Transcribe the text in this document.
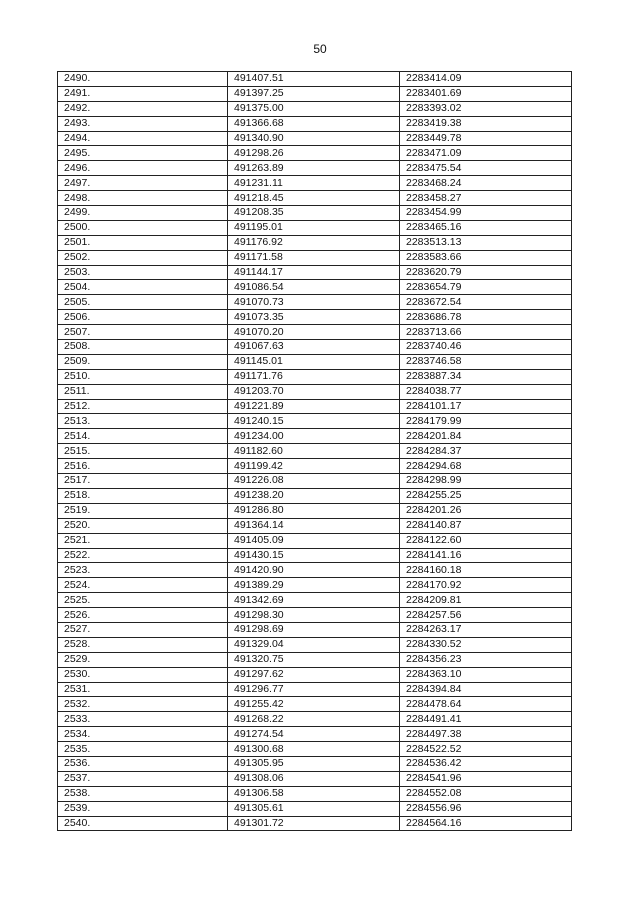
50
2490.	491407.51	2283414.09
2491.	491397.25	2283401.69
2492.	491375.00	2283393.02
2493.	491366.68	2283419.38
2494.	491340.90	2283449.78
2495.	491298.26	2283471.09
2496.	491263.89	2283475.54
2497.	491231.11	2283468.24
2498.	491218.45	2283458.27
2499.	491208.35	2283454.99
2500.	491195.01	2283465.16
2501.	491176.92	2283513.13
2502.	491171.58	2283583.66
2503.	491144.17	2283620.79
2504.	491086.54	2283654.79
2505.	491070.73	2283672.54
2506.	491073.35	2283686.78
2507.	491070.20	2283713.66
2508.	491067.63	2283740.46
2509.	491145.01	2283746.58
2510.	491171.76	2283887.34
2511.	491203.70	2284038.77
2512.	491221.89	2284101.17
2513.	491240.15	2284179.99
2514.	491234.00	2284201.84
2515.	491182.60	2284284.37
2516.	491199.42	2284294.68
2517.	491226.08	2284298.99
2518.	491238.20	2284255.25
2519.	491286.80	2284201.26
2520.	491364.14	2284140.87
2521.	491405.09	2284122.60
2522.	491430.15	2284141.16
2523.	491420.90	2284160.18
2524.	491389.29	2284170.92
2525.	491342.69	2284209.81
2526.	491298.30	2284257.56
2527.	491298.69	2284263.17
2528.	491329.04	2284330.52
2529.	491320.75	2284356.23
2530.	491297.62	2284363.10
2531.	491296.77	2284394.84
2532.	491255.42	2284478.64
2533.	491268.22	2284491.41
2534.	491274.54	2284497.38
2535.	491300.68	2284522.52
2536.	491305.95	2284536.42
2537.	491308.06	2284541.96
2538.	491306.58	2284552.08
2539.	491305.61	2284556.96
2540.	491301.72	2284564.16
